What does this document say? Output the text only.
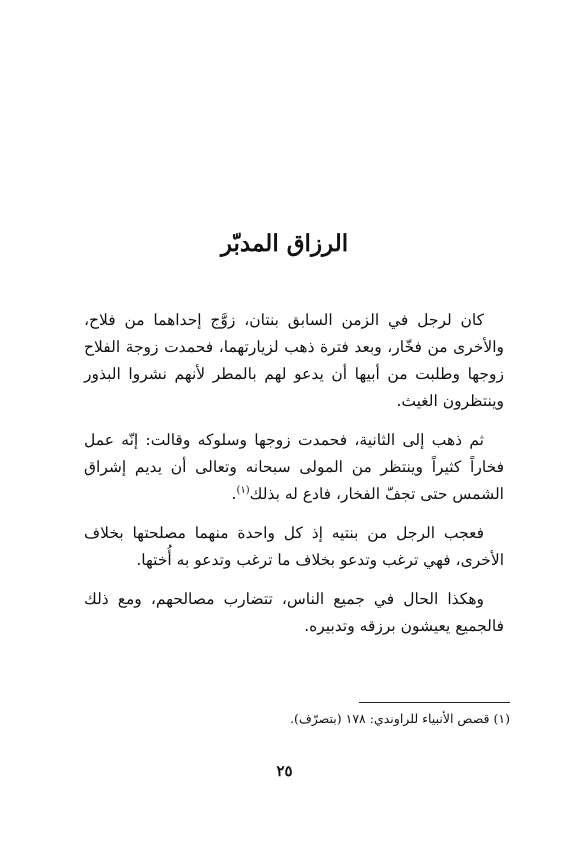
الرزاق المدبّر

كان لرجل في الزمن السابق بنتان، زوَّج إحداهما من فلاح، والأخرى من فخّار، وبعد فترة ذهب لزيارتهما، فحمدت زوجة الفلاح زوجها وطلبت من أبيها أن يدعو لهم بالمطر لأنهم نشروا البذور وينتظرون الغيث.

ثم ذهب إلى الثانية، فحمدت زوجها وسلوكه وقالت: إنّه عمل فخاراً كثيراً وينتظر من المولى سبحانه وتعالى أن يديم إشراق الشمس حتى تجفّ الفخار، فادع له بذلك$^{(١)}$.

فعجب الرجل من بنتيه إذ كل واحدة منهما مصلحتها بخلاف الأخرى، فهي ترغب وتدعو بخلاف ما ترغب وتدعو به أُختها.

وهكذا الحال في جميع الناس، تتضارب مصالحهم، ومع ذلك فالجميع يعيشون برزقه وتدبيره.

(١) قصص الأنبياء للراوندي: ١٧٨ (بتصرّف).
٢٥
